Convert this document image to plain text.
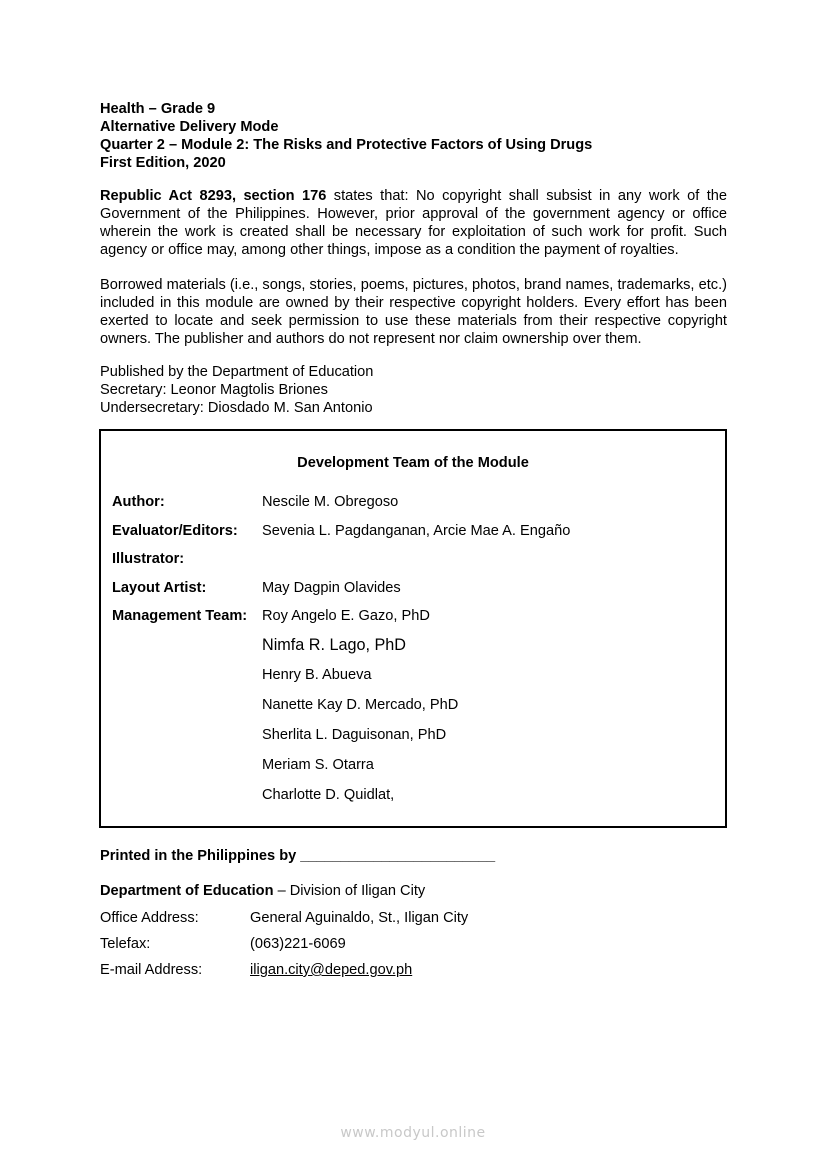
Health – Grade 9
Alternative Delivery Mode
Quarter 2 – Module 2: The Risks and Protective Factors of Using Drugs
First Edition, 2020
Republic Act 8293, section 176 states that: No copyright shall subsist in any work of the Government of the Philippines. However, prior approval of the government agency or office wherein the work is created shall be necessary for exploitation of such work for profit. Such agency or office may, among other things, impose as a condition the payment of royalties.
Borrowed materials (i.e., songs, stories, poems, pictures, photos, brand names, trademarks, etc.) included in this module are owned by their respective copyright holders. Every effort has been exerted to locate and seek permission to use these materials from their respective copyright owners. The publisher and authors do not represent nor claim ownership over them.
Published by the Department of Education
Secretary: Leonor Magtolis Briones
Undersecretary: Diosdado M. San Antonio
Development Team of the Module
Author:	Nescile M. Obregoso
Evaluator/Editors: Sevenia L. Pagdanganan, Arcie Mae A. Engaño
Illustrator:
Layout Artist:	May Dagpin Olavides
Management Team: Roy Angelo E. Gazo, PhD
Nimfa R. Lago, PhD
Henry B. Abueva
Nanette Kay D. Mercado, PhD
Sherlita L. Daguisonan, PhD
Meriam S. Otarra
Charlotte D. Quidlat,
Printed in the Philippines by ________________________
Department of Education – Division of Iligan City
Office Address:	General Aguinaldo, St., Iligan City
Telefax:	(063)221-6069
E-mail Address:	iligan.city@deped.gov.ph
www.modyul.online
